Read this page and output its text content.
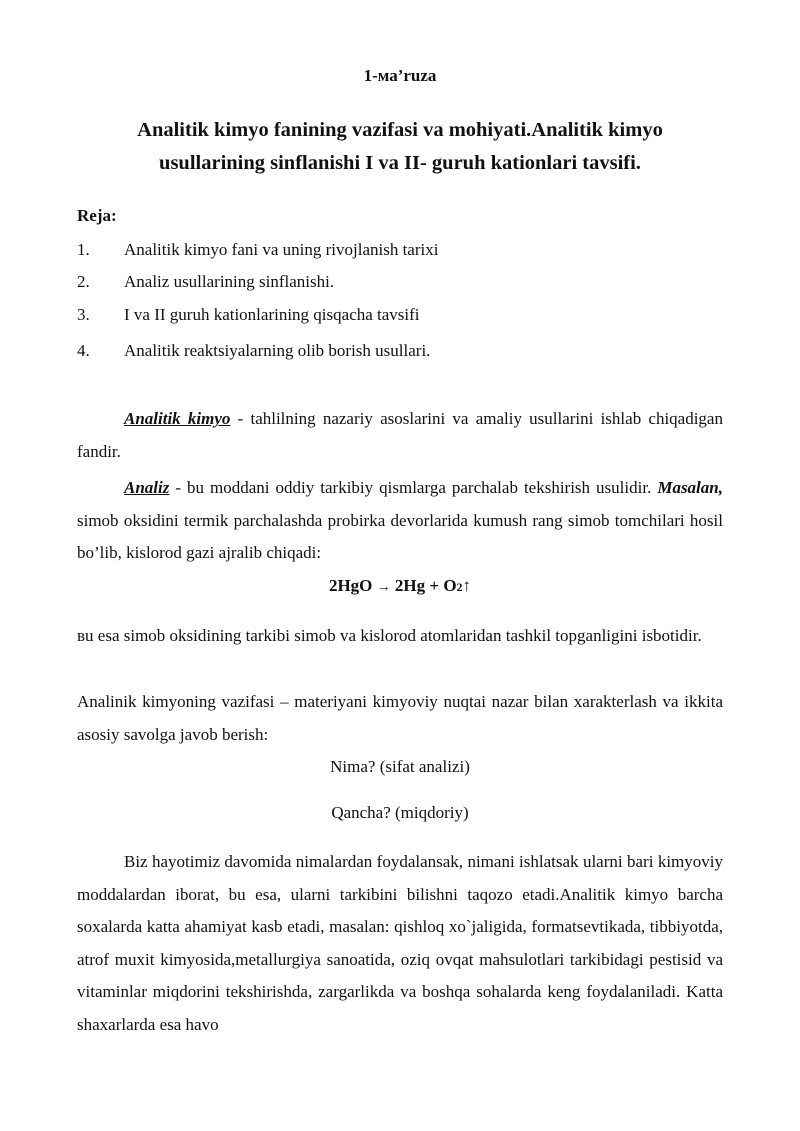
1-ма’ruza
Analitik kimyo fanining vazifasi va mohiyati.Analitik kimyo usullarining sinflanishi I va II- guruh kationlari tavsifi.
Reja:
1. Analitik kimyo fani va uning rivojlanish tarixi
2. Analiz usullarining sinflanishi.
3. I va II guruh kationlarining qisqacha tavsifi
4. Analitik reaktsiyalarning olib borish usullari.
Analitik kimyo - tahlilning nazariy asoslarini va amaliy usullarini ishlab chiqadigan fandir.
Analiz - bu moddani oddiy tarkibiy qismlarga parchalab tekshirish usulidir. Masalan, simob oksidini termik parchalashda probirka devorlarida kumush rang simob tomchilari hosil bo’lib, kislorod gazi ajralib chiqadi:
2HgO → 2Hg + O2↑
вu esa simob oksidining tarkibi simob va kislorod atomlaridan tashkil topganligini isbotidir.
Analinik kimyoning vazifasi – materiyani kimyoviy nuqtai nazar bilan xarakterlash va ikkita asosiy savolga javob berish:
Nima? (sifat analizi)
Qancha? (miqdoriy)
Biz hayotimiz davomida nimalardan foydalansak, nimani ishlatsak ularni bari kimyoviy moddalardan iborat, bu esa, ularni tarkibini bilishni taqozo etadi.Analitik kimyo barcha soxalarda katta ahamiyat kasb etadi, masalan: qishloq xo`jaligida, formatsevtikada, tibbiyotda, atrof muxit kimyosida,metallurgiya sanoatida, oziq ovqat mahsulotlari tarkibidagi pestisid va vitaminlar miqdorini tekshirishda, zargarlikda va boshqa sohalarda keng foydalaniladi. Katta shaxarlarda esa havo
